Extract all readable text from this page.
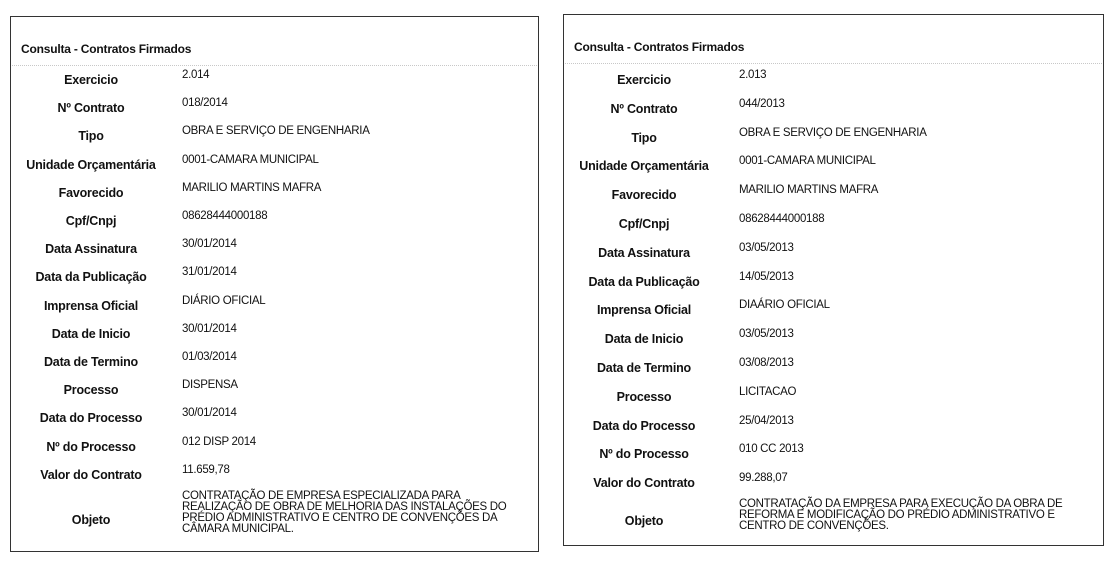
Consulta - Contratos Firmados
Exercicio	2.014
Nº Contrato	018/2014
Tipo	OBRA E SERVIÇO DE ENGENHARIA
Unidade Orçamentária	0001-CAMARA MUNICIPAL
Favorecido	MARILIO MARTINS MAFRA
Cpf/Cnpj	08628444000188
Data Assinatura	30/01/2014
Data da Publicação	31/01/2014
Imprensa Oficial	DIÁRIO OFICIAL
Data de Inicio	30/01/2014
Data de Termino	01/03/2014
Processo	DISPENSA
Data do Processo	30/01/2014
Nº do Processo	012 DISP 2014
Valor do Contrato	11.659,78
Objeto
CONTRATAÇÃO DE EMPRESA ESPECIALIZADA PARA REALIZAÇÃO DE OBRA DE MELHORIA DAS INSTALAÇÕES DO PRÉDIO ADMINISTRATIVO E CENTRO DE CONVENÇÕES DA CÂMARA MUNICIPAL.
Consulta - Contratos Firmados
Exercicio	2.013
Nº Contrato	044/2013
Tipo	OBRA E SERVIÇO DE ENGENHARIA
Unidade Orçamentária	0001-CAMARA MUNICIPAL
Favorecido	MARILIO MARTINS MAFRA
Cpf/Cnpj	08628444000188
Data Assinatura	03/05/2013
Data da Publicação	14/05/2013
Imprensa Oficial	DIAÁRIO OFICIAL
Data de Inicio	03/05/2013
Data de Termino	03/08/2013
Processo	LICITACAO
Data do Processo	25/04/2013
Nº do Processo	010 CC 2013
Valor do Contrato	99.288,07
Objeto
CONTRATAÇÃO DA EMPRESA PARA EXECUÇÃO DA OBRA DE REFORMA E MODIFICAÇÃO DO PRÉDIO ADMINISTRATIVO E CENTRO DE CONVENÇÕES.
